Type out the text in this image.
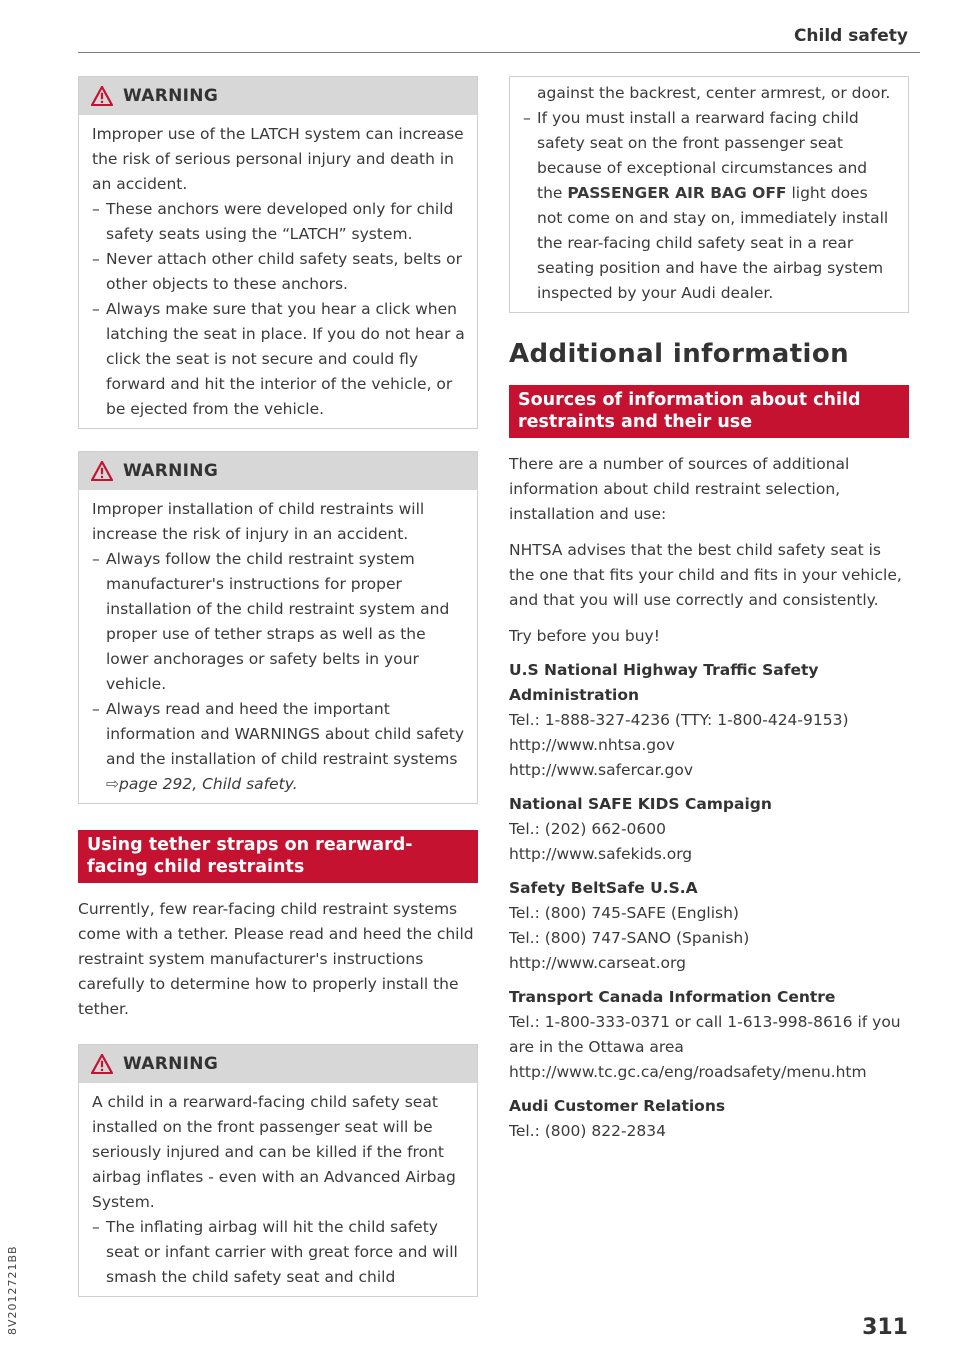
Child safety
WARNING

Improper use of the LATCH system can increase the risk of serious personal injury and death in an accident.

– These anchors were developed only for child safety seats using the “LATCH” system.
– Never attach other child safety seats, belts or other objects to these anchors.
– Always make sure that you hear a click when latching the seat in place. If you do not hear a click the seat is not secure and could fly forward and hit the interior of the vehicle, or be ejected from the vehicle.
WARNING

Improper installation of child restraints will increase the risk of injury in an accident.

– Always follow the child restraint system manufacturer's instructions for proper installation of the child restraint system and proper use of tether straps as well as the lower anchorages or safety belts in your vehicle.
– Always read and heed the important information and WARNINGS about child safety and the installation of child restraint systems ⇨page 292, Child safety.
Using tether straps on rearward-facing child restraints

Currently, few rear-facing child restraint systems come with a tether. Please read and heed the child restraint system manufacturer's instructions carefully to determine how to properly install the tether.

WARNING

A child in a rearward-facing child safety seat installed on the front passenger seat will be seriously injured and can be killed if the front airbag inflates - even with an Advanced Airbag System.

– The inflating airbag will hit the child safety seat or infant carrier with great force and will smash the child safety seat and child
against the backrest, center armrest, or door.
– If you must install a rearward facing child safety seat on the front passenger seat because of exceptional circumstances and the PASSENGER AIR BAG OFF light does not come on and stay on, immediately install the rear-facing child safety seat in a rear seating position and have the airbag system inspected by your Audi dealer.
Additional information
Sources of information about child restraints and their use

There are a number of sources of additional information about child restraint selection, installation and use:

NHTSA advises that the best child safety seat is the one that fits your child and fits in your vehicle, and that you will use correctly and consistently.

Try before you buy!

U.S National Highway Traffic Safety Administration
Tel.: 1-888-327-4236 (TTY: 1-800-424-9153)
http://www.nhtsa.gov
http://www.safercar.gov
National SAFE KIDS Campaign
Tel.: (202) 662-0600
http://www.safekids.org
Safety BeltSafe U.S.A
Tel.: (800) 745-SAFE (English)
Tel.: (800) 747-SANO (Spanish)
http://www.carseat.org
Transport Canada Information Centre
Tel.: 1-800-333-0371 or call 1-613-998-8616 if you are in the Ottawa area
http://www.tc.gc.ca/eng/roadsafety/menu.htm
Audi Customer Relations
Tel.: (800) 822-2834
8V2012721BB	311
